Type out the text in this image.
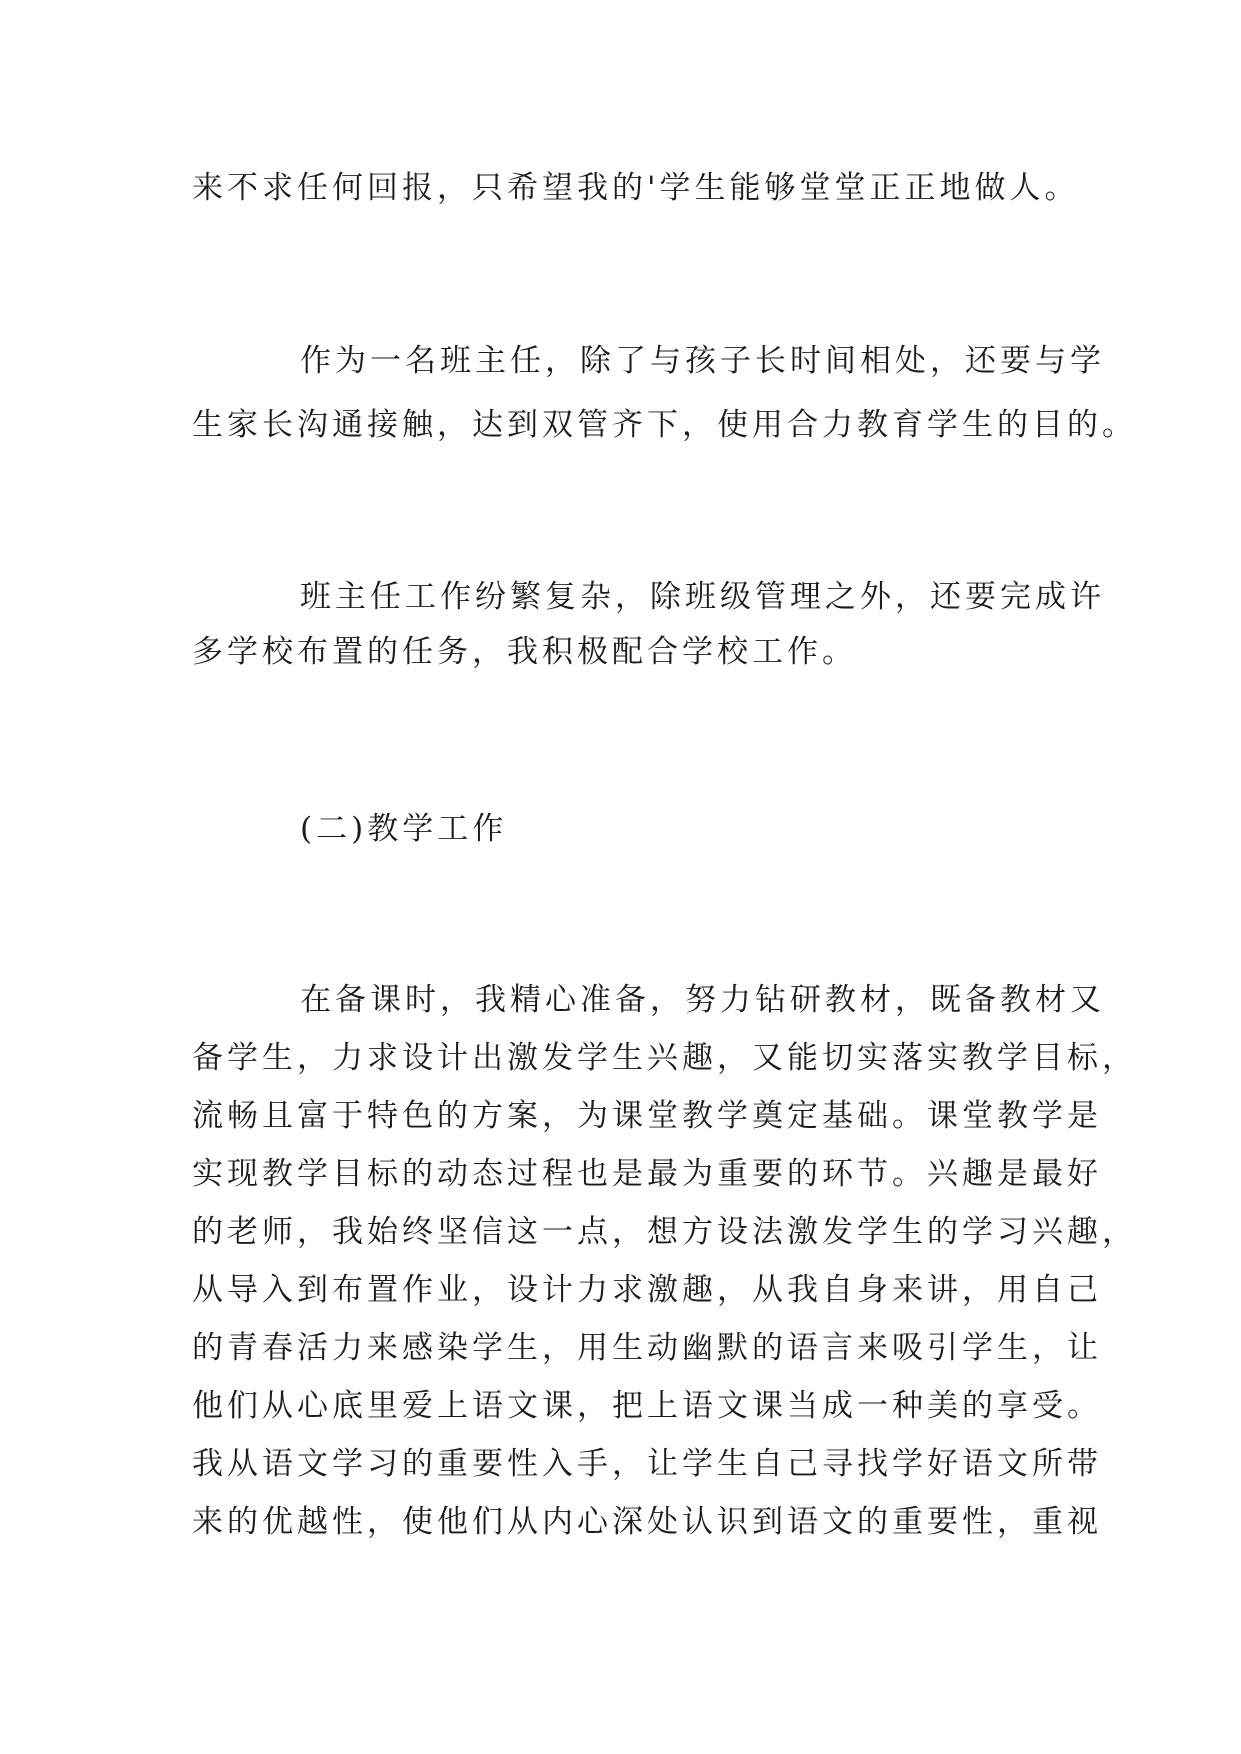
来不求任何回报，只希望我的'学生能够堂堂正正地做人。
作为一名班主任，除了与孩子长时间相处，还要与学
生家长沟通接触，达到双管齐下，使用合力教育学生的目的。
班主任工作纷繁复杂，除班级管理之外，还要完成许
多学校布置的任务，我积极配合学校工作。
(二)教学工作
在备课时，我精心准备，努力钻研教材，既备教材又
备学生，力求设计出激发学生兴趣，又能切实落实教学目标，
流畅且富于特色的方案，为课堂教学奠定基础。课堂教学是
实现教学目标的动态过程也是最为重要的环节。兴趣是最好
的老师，我始终坚信这一点，想方设法激发学生的学习兴趣，
从导入到布置作业，设计力求激趣，从我自身来讲，用自己
的青春活力来感染学生，用生动幽默的语言来吸引学生，让
他们从心底里爱上语文课，把上语文课当成一种美的享受。
我从语文学习的重要性入手，让学生自己寻找学好语文所带
来的优越性，使他们从内心深处认识到语文的重要性，重视
